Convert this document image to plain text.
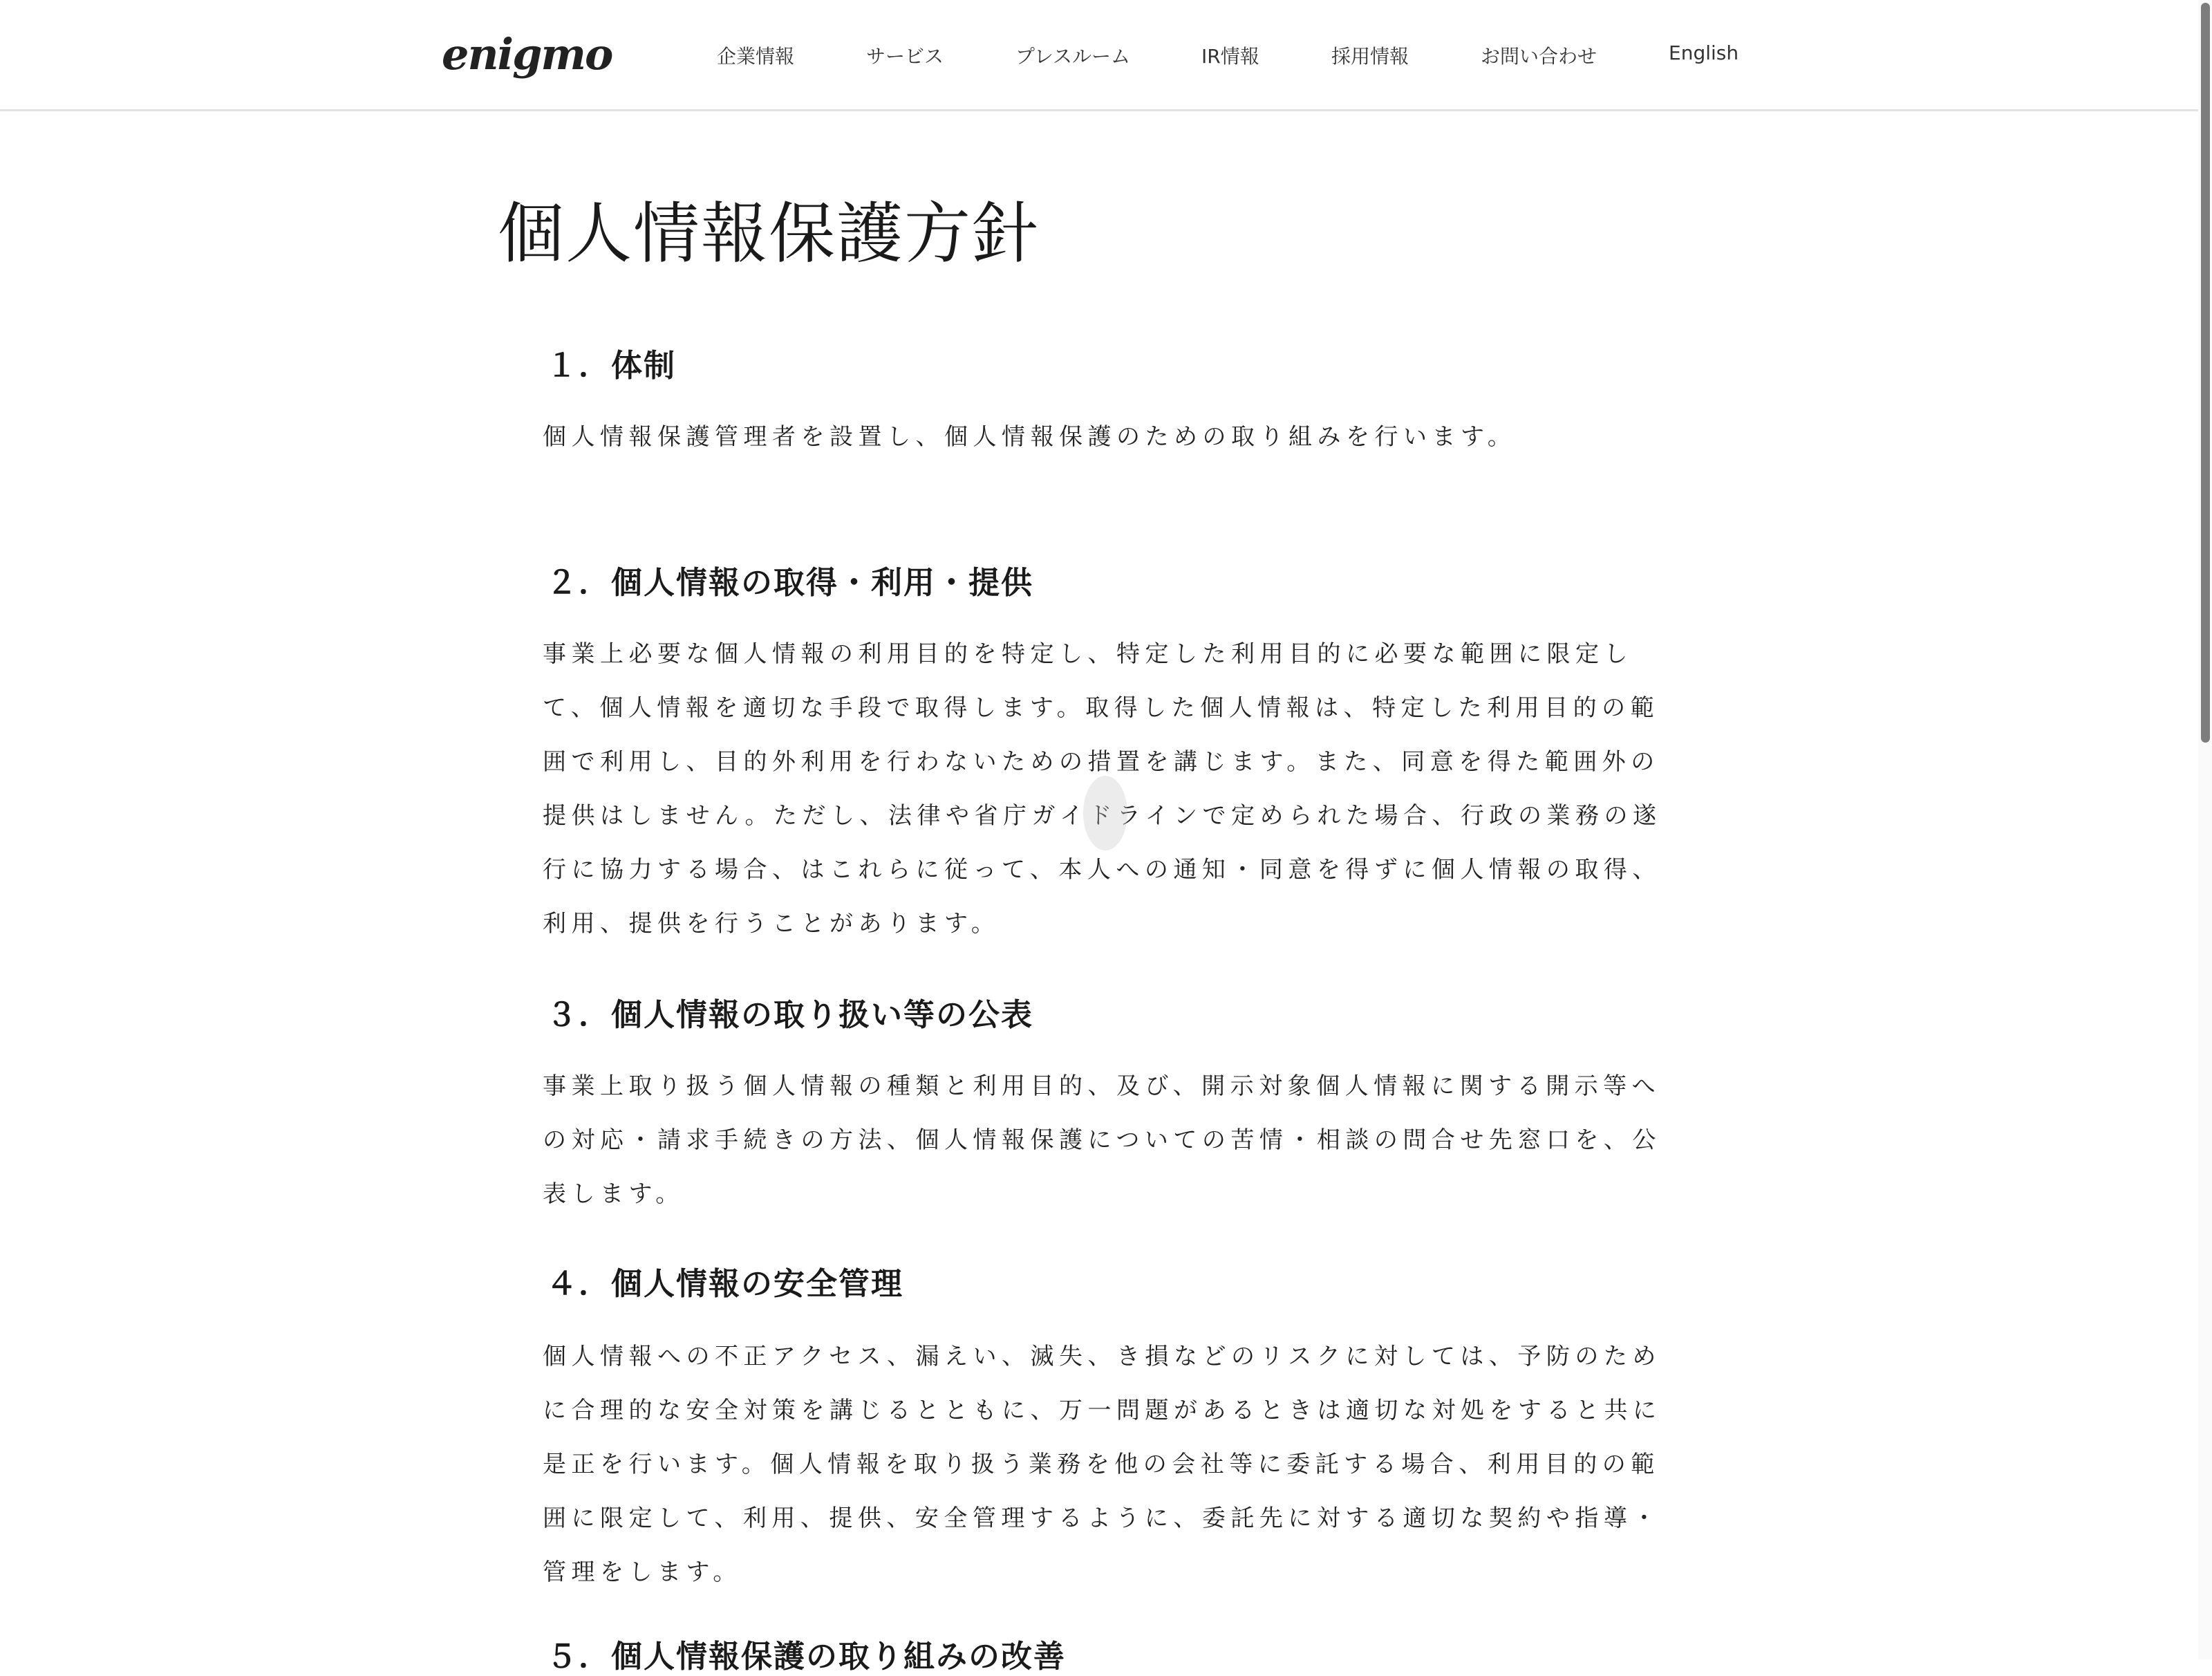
enigmo	企業情報	サービス	プレスルーム	IR情報	採用情報	お問い合わせ	English
個人情報保護方針
１．体制

個人情報保護管理者を設置し、個人情報保護のための取り組みを行います。

２．個人情報の取得・利用・提供

事業上必要な個人情報の利用目的を特定し、特定した利用目的に必要な範囲に限定して、個人情報を適切な手段で取得します。取得した個人情報は、特定した利用目的の範囲で利用し、目的外利用を行わないための措置を講じます。また、同意を得た範囲外の提供はしません。ただし、法律や省庁ガイドラインで定められた場合、行政の業務の遂行に協力する場合、はこれらに従って、本人への通知・同意を得ずに個人情報の取得、利用、提供を行うことがあります。

３．個人情報の取り扱い等の公表

事業上取り扱う個人情報の種類と利用目的、及び、開示対象個人情報に関する開示等への対応・請求手続きの方法、個人情報保護についての苦情・相談の問合せ先窓口を、公表します。

４．個人情報の安全管理

個人情報への不正アクセス、漏えい、滅失、き損などのリスクに対しては、予防のために合理的な安全対策を講じるとともに、万一問題があるときは適切な対処をすると共に是正を行います。個人情報を取り扱う業務を他の会社等に委託する場合、利用目的の範囲に限定して、利用、提供、安全管理するように、委託先に対する適切な契約や指導・管理をします。

５．個人情報保護の取り組みの改善
